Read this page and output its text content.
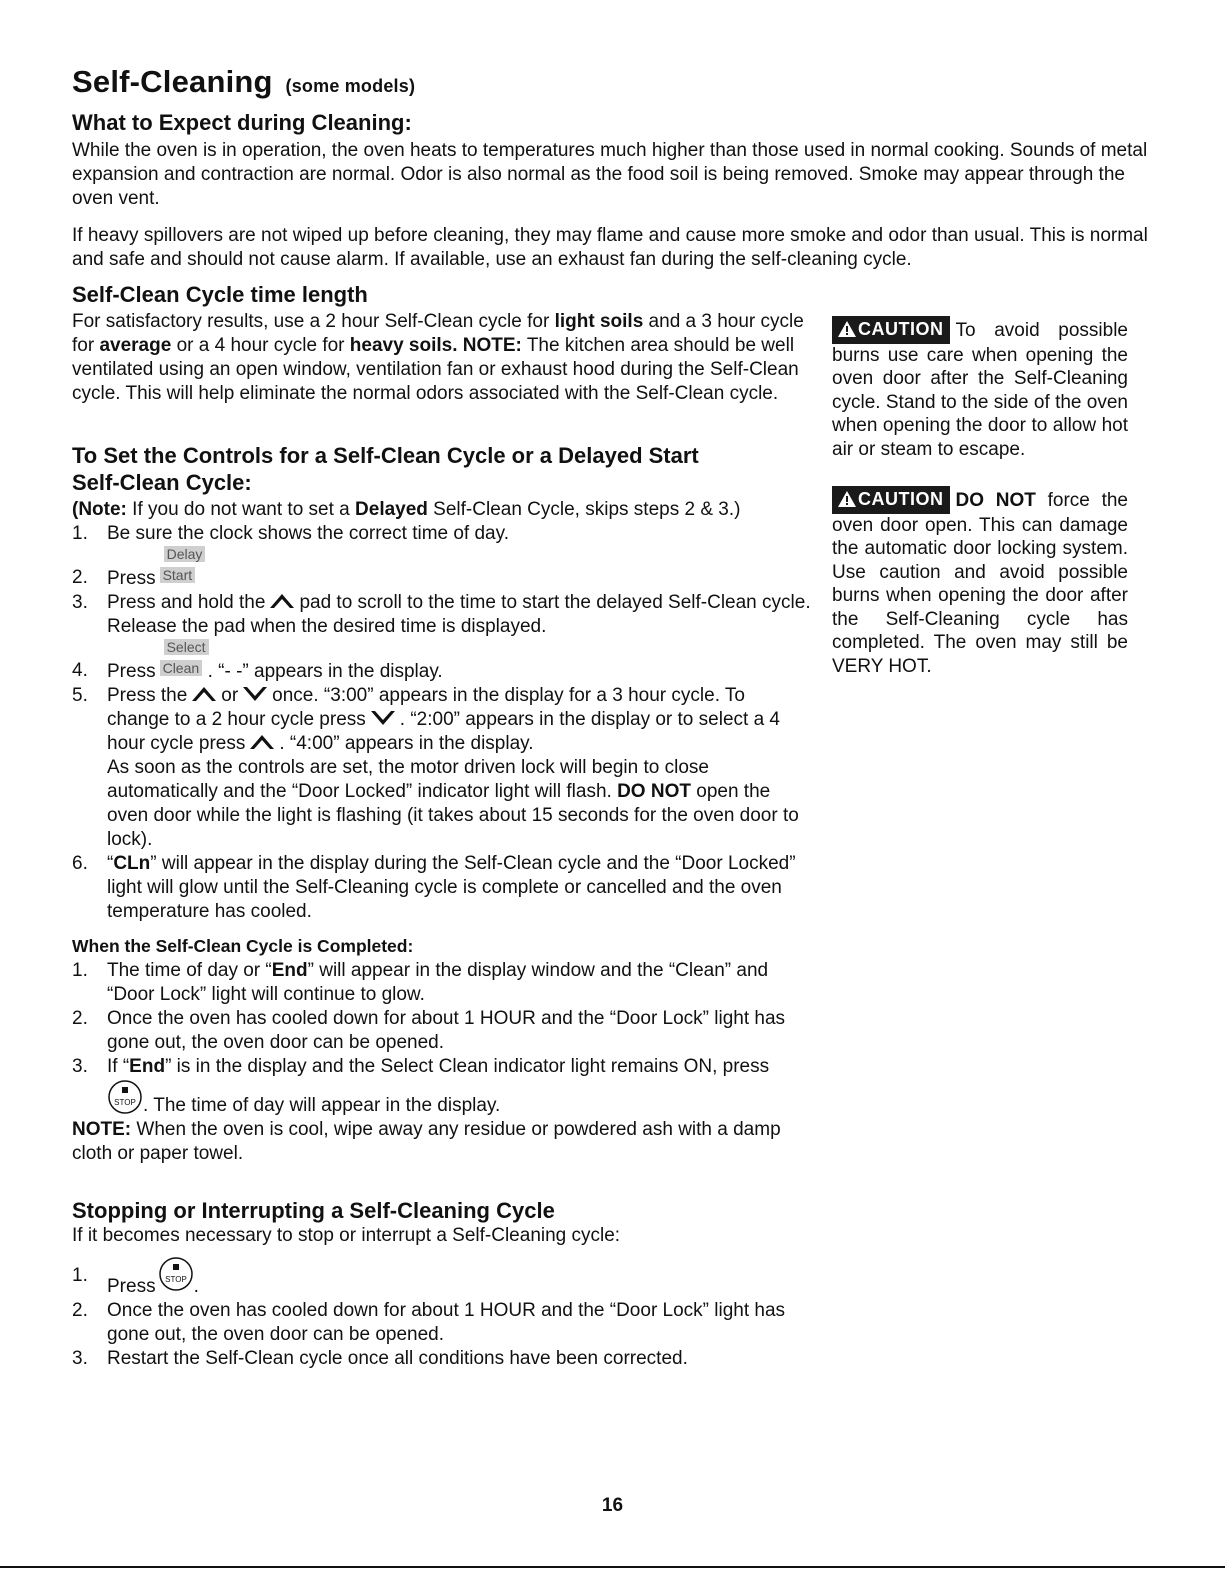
Self-Cleaning (some models)
What to Expect during Cleaning:

While the oven is in operation, the oven heats to temperatures much higher than those used in normal cooking. Sounds of metal expansion and contraction are normal. Odor is also normal as the food soil is being removed. Smoke may appear through the oven vent.

If heavy spillovers are not wiped up before cleaning, they may flame and cause more smoke and odor than usual. This is normal and safe and should not cause alarm. If available, use an exhaust fan during the self-cleaning cycle.

Self-Clean Cycle time length

For satisfactory results, use a 2 hour Self-Clean cycle for light soils and a 3 hour cycle for average or a 4 hour cycle for heavy soils. NOTE: The kitchen area should be well ventilated using an open window, ventilation fan or exhaust hood during the Self-Clean cycle. This will help eliminate the normal odors associated with the Self-Clean cycle.

To Set the Controls for a Self-Clean Cycle or a Delayed Start
Self-Clean Cycle:

(Note: If you do not want to set a Delayed Self-Clean Cycle, skips steps 2 & 3.)

1. Be sure the clock shows the correct time of day.
2. Press
Delay
Start
3. Press and hold the pad to scroll to the time to start the delayed Self-Clean cycle. Release the pad when the desired time is displayed.
4. Press
Select
Clean . “- -” appears in the display.
5. Press the or once. “3:00” appears in the display for a 3 hour cycle. To change to a 2 hour cycle press . “2:00” appears in the display or to select a 4 hour cycle press . “4:00” appears in the display.
As soon as the controls are set, the motor driven lock will begin to close automatically and the “Door Locked” indicator light will flash. DO NOT open the oven door while the light is flashing (it takes about 15 seconds for the oven door to lock).
6. “CLn” will appear in the display during the Self-Clean cycle and the “Door Locked” light will glow until the Self-Cleaning cycle is complete or cancelled and the oven temperature has cooled.
When the Self-Clean Cycle is Completed:
1. The time of day or “End” will appear in the display window and the “Clean” and “Door Lock” light will continue to glow.
2. Once the oven has cooled down for about 1 HOUR and the “Door Lock” light has gone out, the oven door can be opened.
3. If “End” is in the display and the Select Clean indicator light remains ON, press

STOP . The time of day will appear in the display.

NOTE: When the oven is cool, wipe away any residue or powdered ash with a damp cloth or paper towel.

Stopping or Interrupting a Self-Cleaning Cycle

If it becomes necessary to stop or interrupt a Self-Cleaning cycle:

1.
Press STOP .
2. Once the oven has cooled down for about 1 HOUR and the “Door Lock” light has gone out, the oven door can be opened.
3. Restart the Self-Clean cycle once all conditions have been corrected.
CAUTION To avoid possible burns use care when opening the oven door after the Self-Cleaning cycle. Stand to the side of the oven when opening the door to allow hot air or steam to escape.
CAUTION DO NOT force the oven door open. This can damage the automatic door locking system. Use caution and avoid possible burns when opening the door after the Self-Cleaning cycle has completed. The oven may still be VERY HOT.
16
